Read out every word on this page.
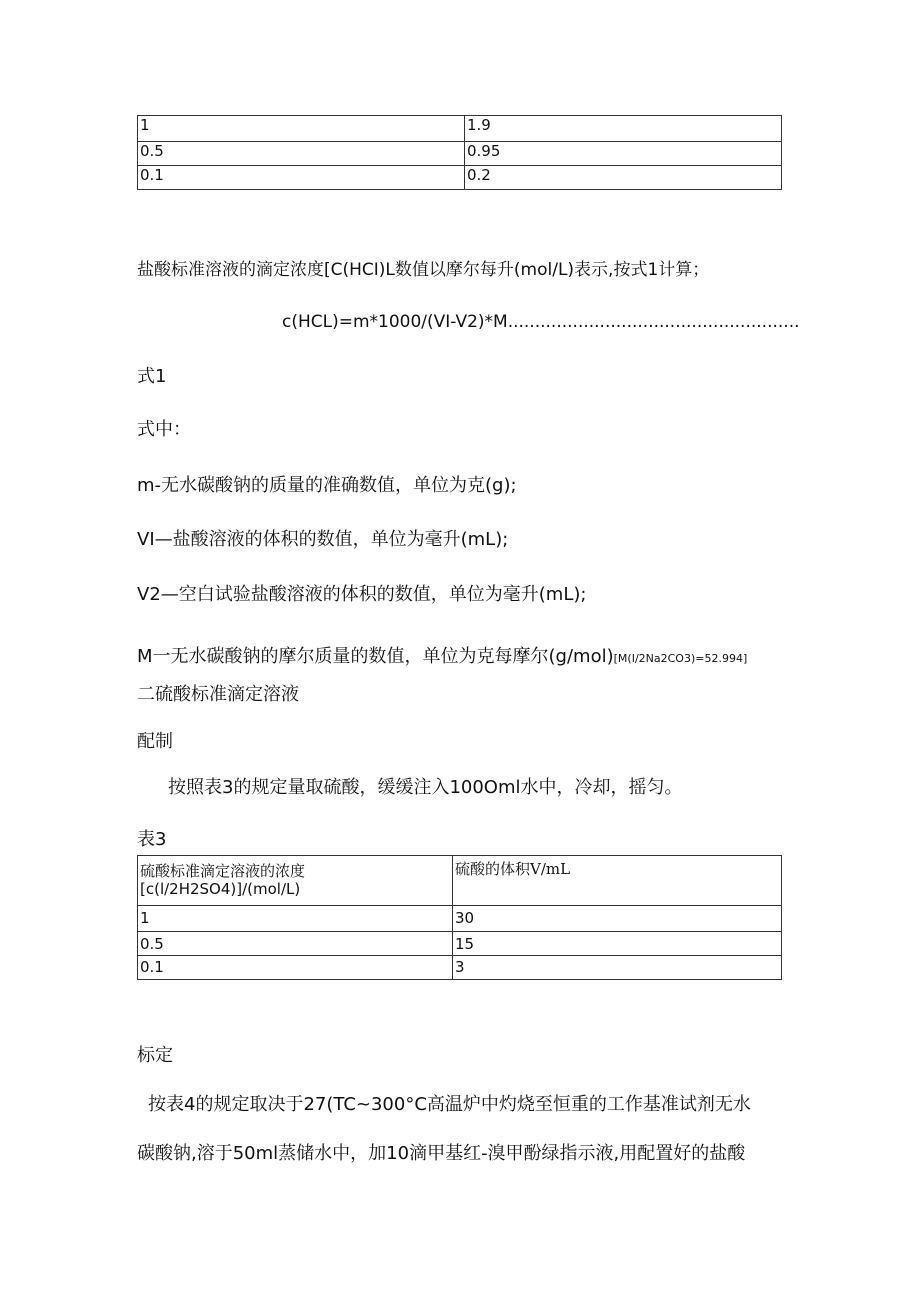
1	1.9
0.5	0.95
0.1	0.2
盐酸标准溶液的滴定浓度[C(HCI)L数值以摩尔每升(mol/L)表示,按式1计算；
c(HCL)=m*1000∕(VI-V2)*M......................................................
式1
式中：
m-无水碳酸钠的质量的准确数值，单位为克(g);
VI—盐酸溶液的体积的数值，单位为毫升(mL);
V2—空白试验盐酸溶液的体积的数值，单位为毫升(mL);
M一无水碳酸钠的摩尔质量的数值，单位为克每摩尔(g/mol)[M(I∕2Na2CO3)=52.994]
二硫酸标准滴定溶液
配制
按照表3的规定量取硫酸，缓缓注入100Oml水中，冷却，摇匀。
表3
硫酸标准滴定溶液的浓度
[c(l∕2H2SO4)]∕(mol∕L)	硫酸的体积V/mL
1	30
0.5	15
0.1	3
标定
按表4的规定取决于27(TC~300°C高温炉中灼烧至恒重的工作基准试剂无水
碳酸钠,溶于50ml蒸储水中，加10滴甲基红-溴甲酚绿指示液,用配置好的盐酸
